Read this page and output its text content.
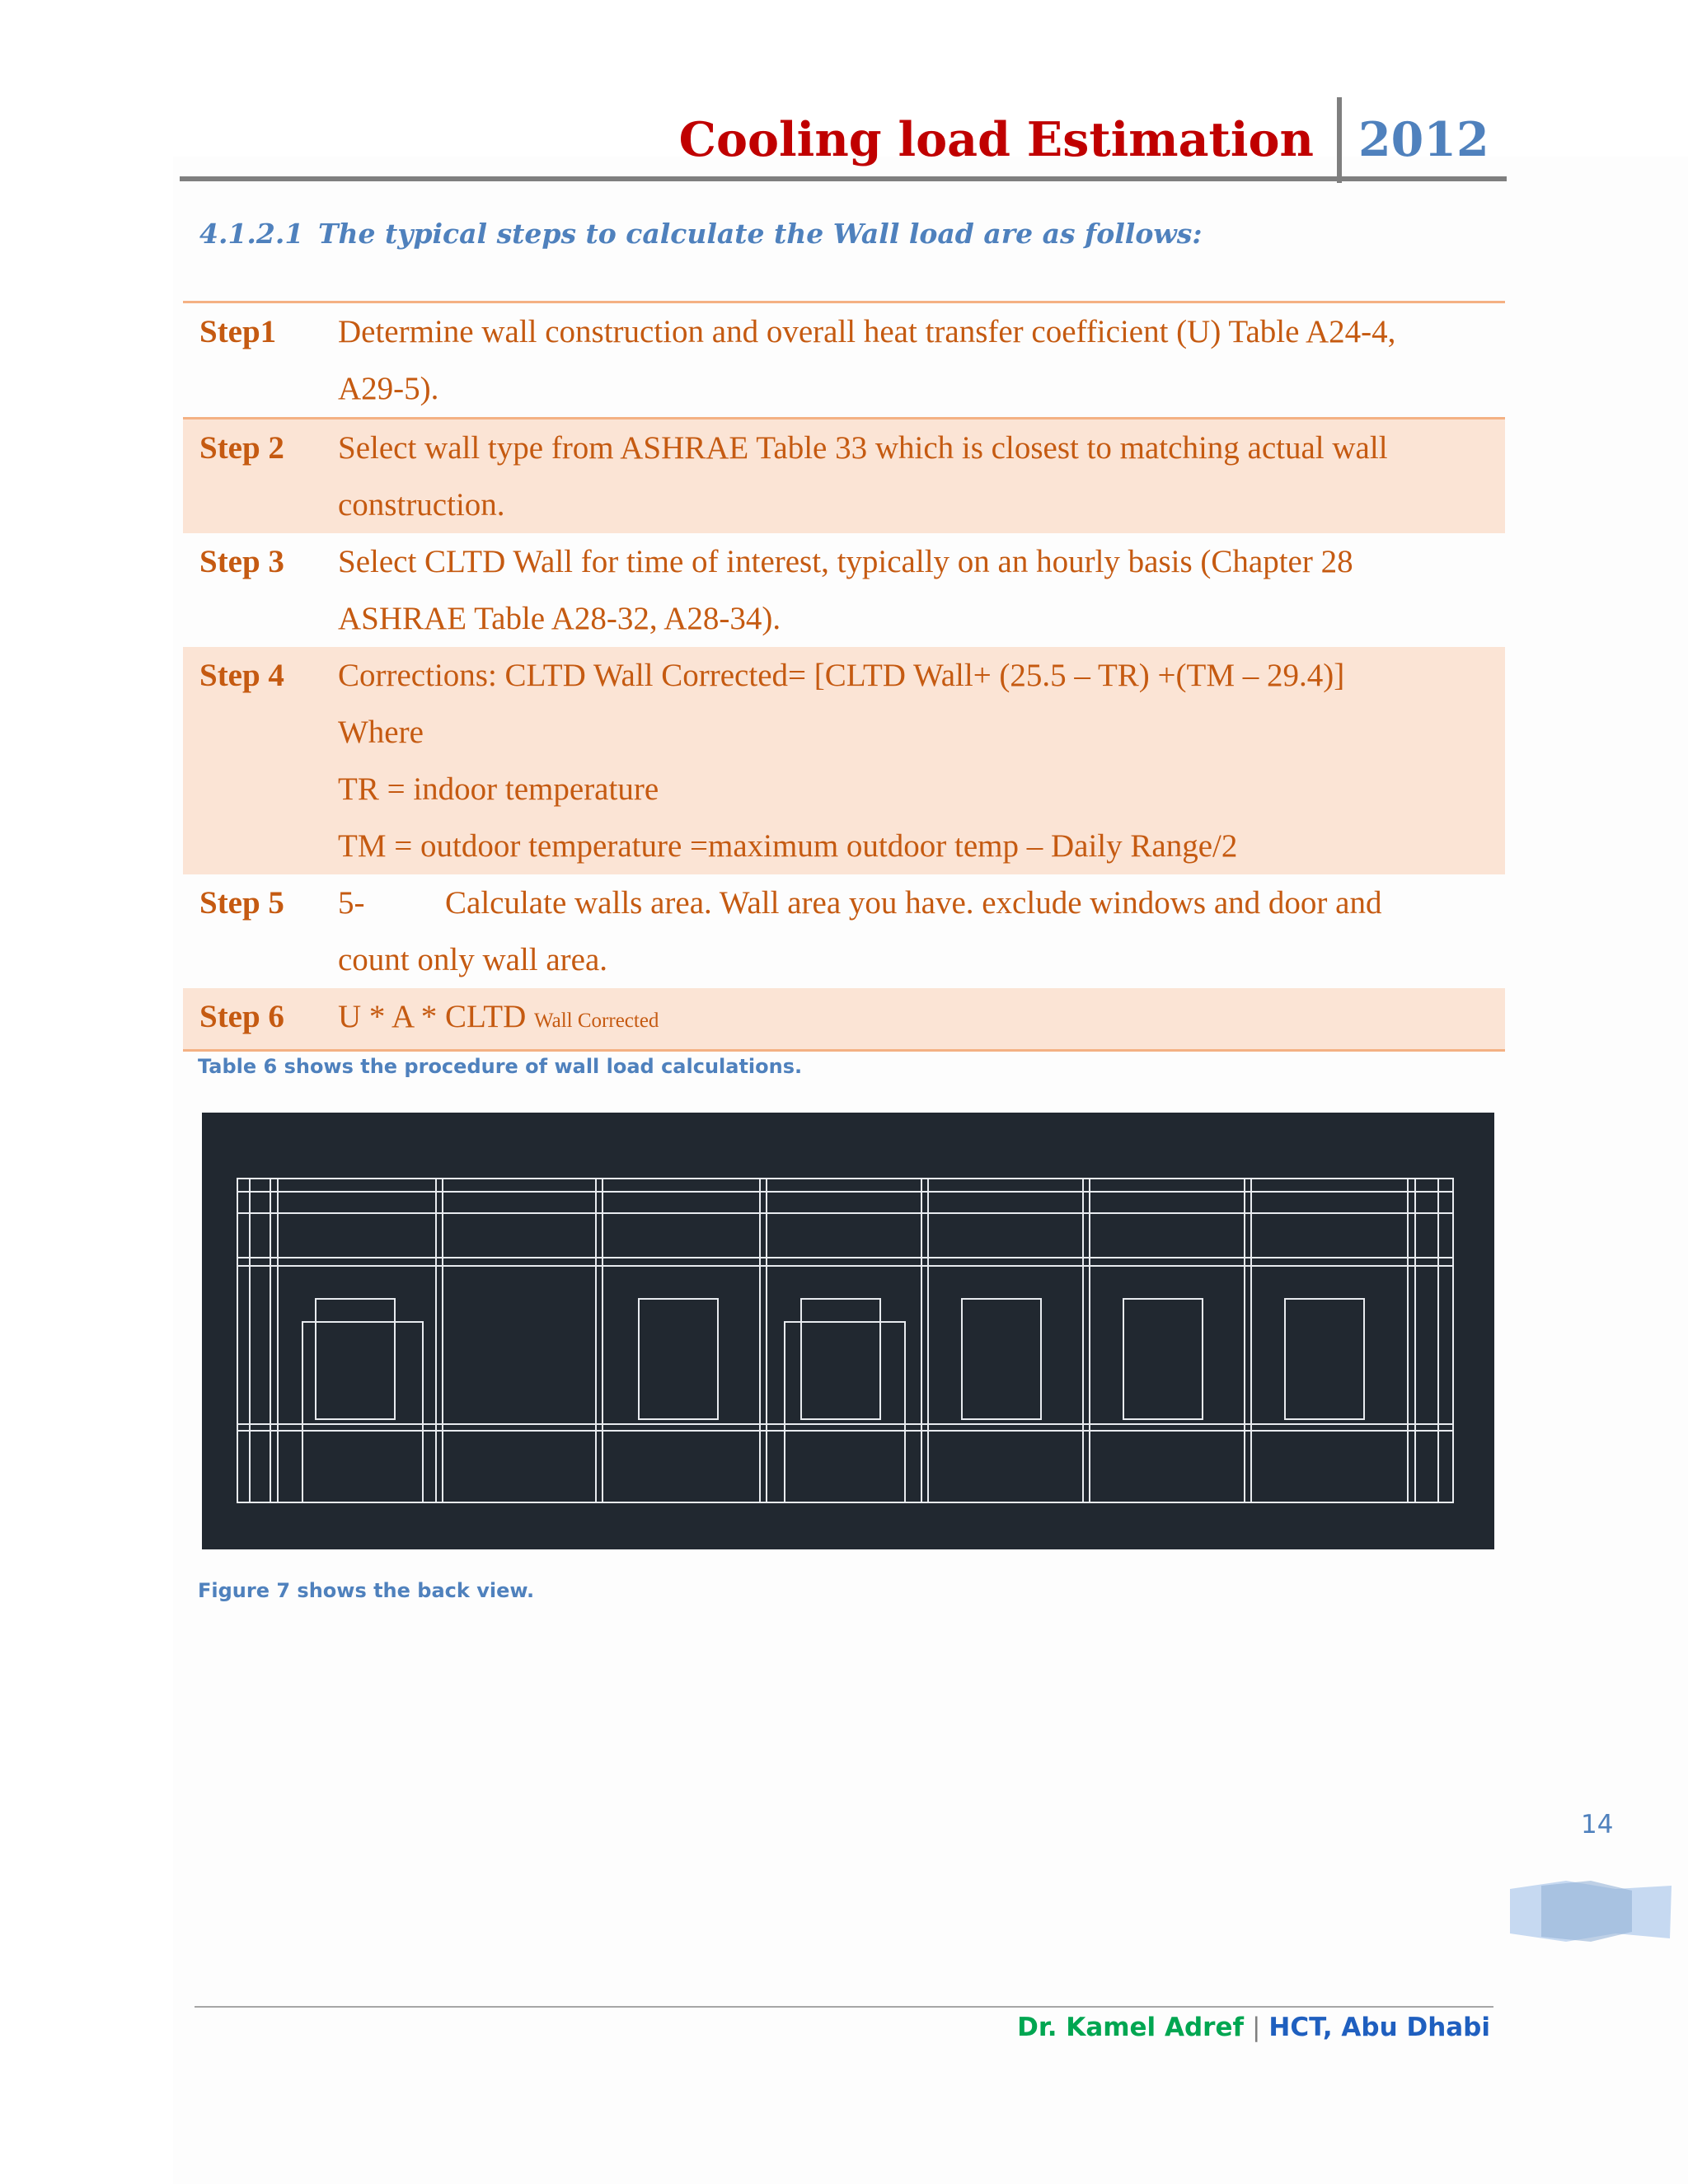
Cooling load Estimation 2012
4.1.2.1 The typical steps to calculate the Wall load are as follows:
Step1	Determine wall construction and overall heat transfer coefficient (U) Table A24-4,
A29-5).
Step 2	Select wall type from ASHRAE Table 33 which is closest to matching actual wall
construction.
Step 3	Select CLTD Wall for time of interest, typically on an hourly basis (Chapter 28
ASHRAE Table A28-32, A28-34).
Step 4	Corrections: CLTD Wall Corrected= [CLTD Wall+ (25.5 – TR) +(TM – 29.4)]
Where
TR = indoor temperature
TM = outdoor temperature =maximum outdoor temp – Daily Range/2
Step 5	5-	Calculate walls area. Wall area you have. exclude windows and door and
count only wall area.
Step 6	U * A * CLTD Wall Corrected
Table 6 shows the procedure of wall load calculations.
Figure 7 shows the back view.
14
Dr. Kamel Adref | HCT, Abu Dhabi
